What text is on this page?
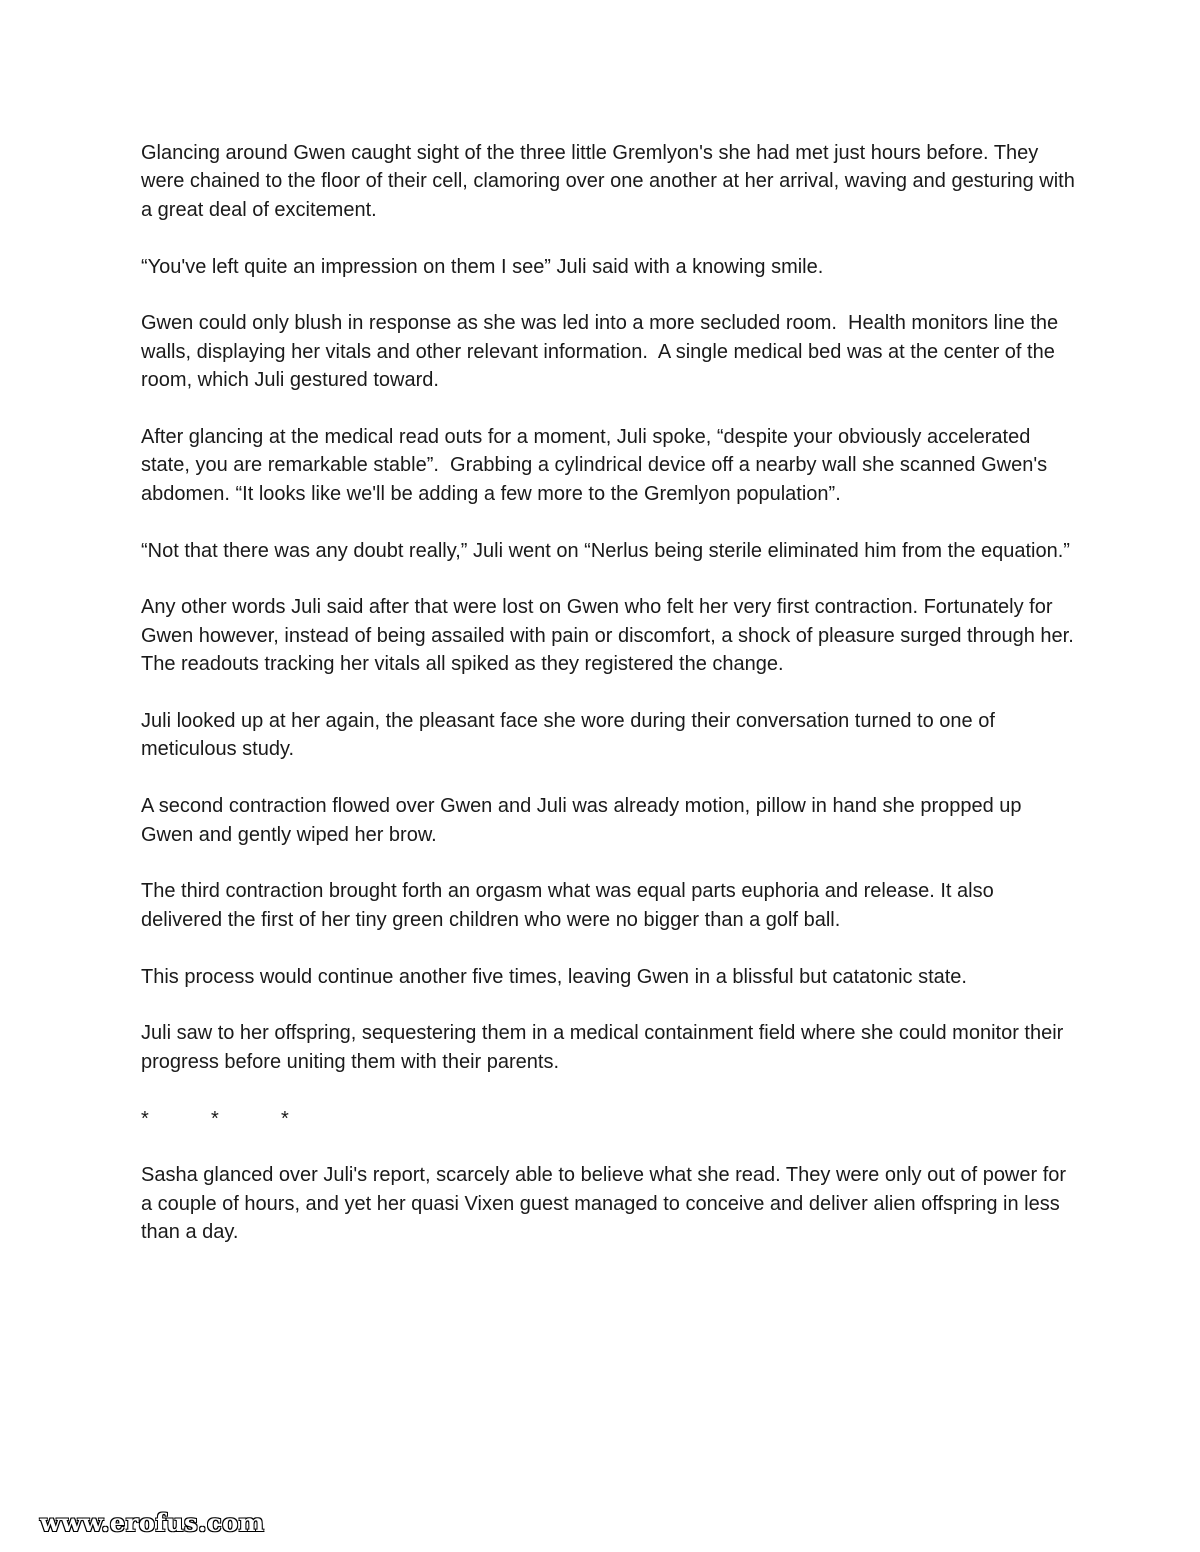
Glancing around Gwen caught sight of the three little Gremlyon's she had met just hours before. They were chained to the floor of their cell, clamoring over one another at her arrival, waving and gesturing with a great deal of excitement.

“You've left quite an impression on them I see” Juli said with a knowing smile.

Gwen could only blush in response as she was led into a more secluded room.  Health monitors line the walls, displaying her vitals and other relevant information.  A single medical bed was at the center of the room, which Juli gestured toward.

After glancing at the medical read outs for a moment, Juli spoke, “despite your obviously accelerated state, you are remarkable stable”.  Grabbing a cylindrical device off a nearby wall she scanned Gwen's abdomen. “It looks like we'll be adding a few more to the Gremlyon population”.

“Not that there was any doubt really,” Juli went on “Nerlus being sterile eliminated him from the equation.”

Any other words Juli said after that were lost on Gwen who felt her very first contraction. Fortunately for Gwen however, instead of being assailed with pain or discomfort, a shock of pleasure surged through her.  The readouts tracking her vitals all spiked as they registered the change.

Juli looked up at her again, the pleasant face she wore during their conversation turned to one of meticulous study.

A second contraction flowed over Gwen and Juli was already motion, pillow in hand she propped up Gwen and gently wiped her brow.

The third contraction brought forth an orgasm what was equal parts euphoria and release. It also delivered the first of her tiny green children who were no bigger than a golf ball.

This process would continue another five times, leaving Gwen in a blissful but catatonic state.

Juli saw to her offspring, sequestering them in a medical containment field where she could monitor their progress before uniting them with their parents.

*	*	*

Sasha glanced over Juli's report, scarcely able to believe what she read. They were only out of power for a couple of hours, and yet her quasi Vixen guest managed to conceive and deliver alien offspring in less than a day.

www.erofus.com
